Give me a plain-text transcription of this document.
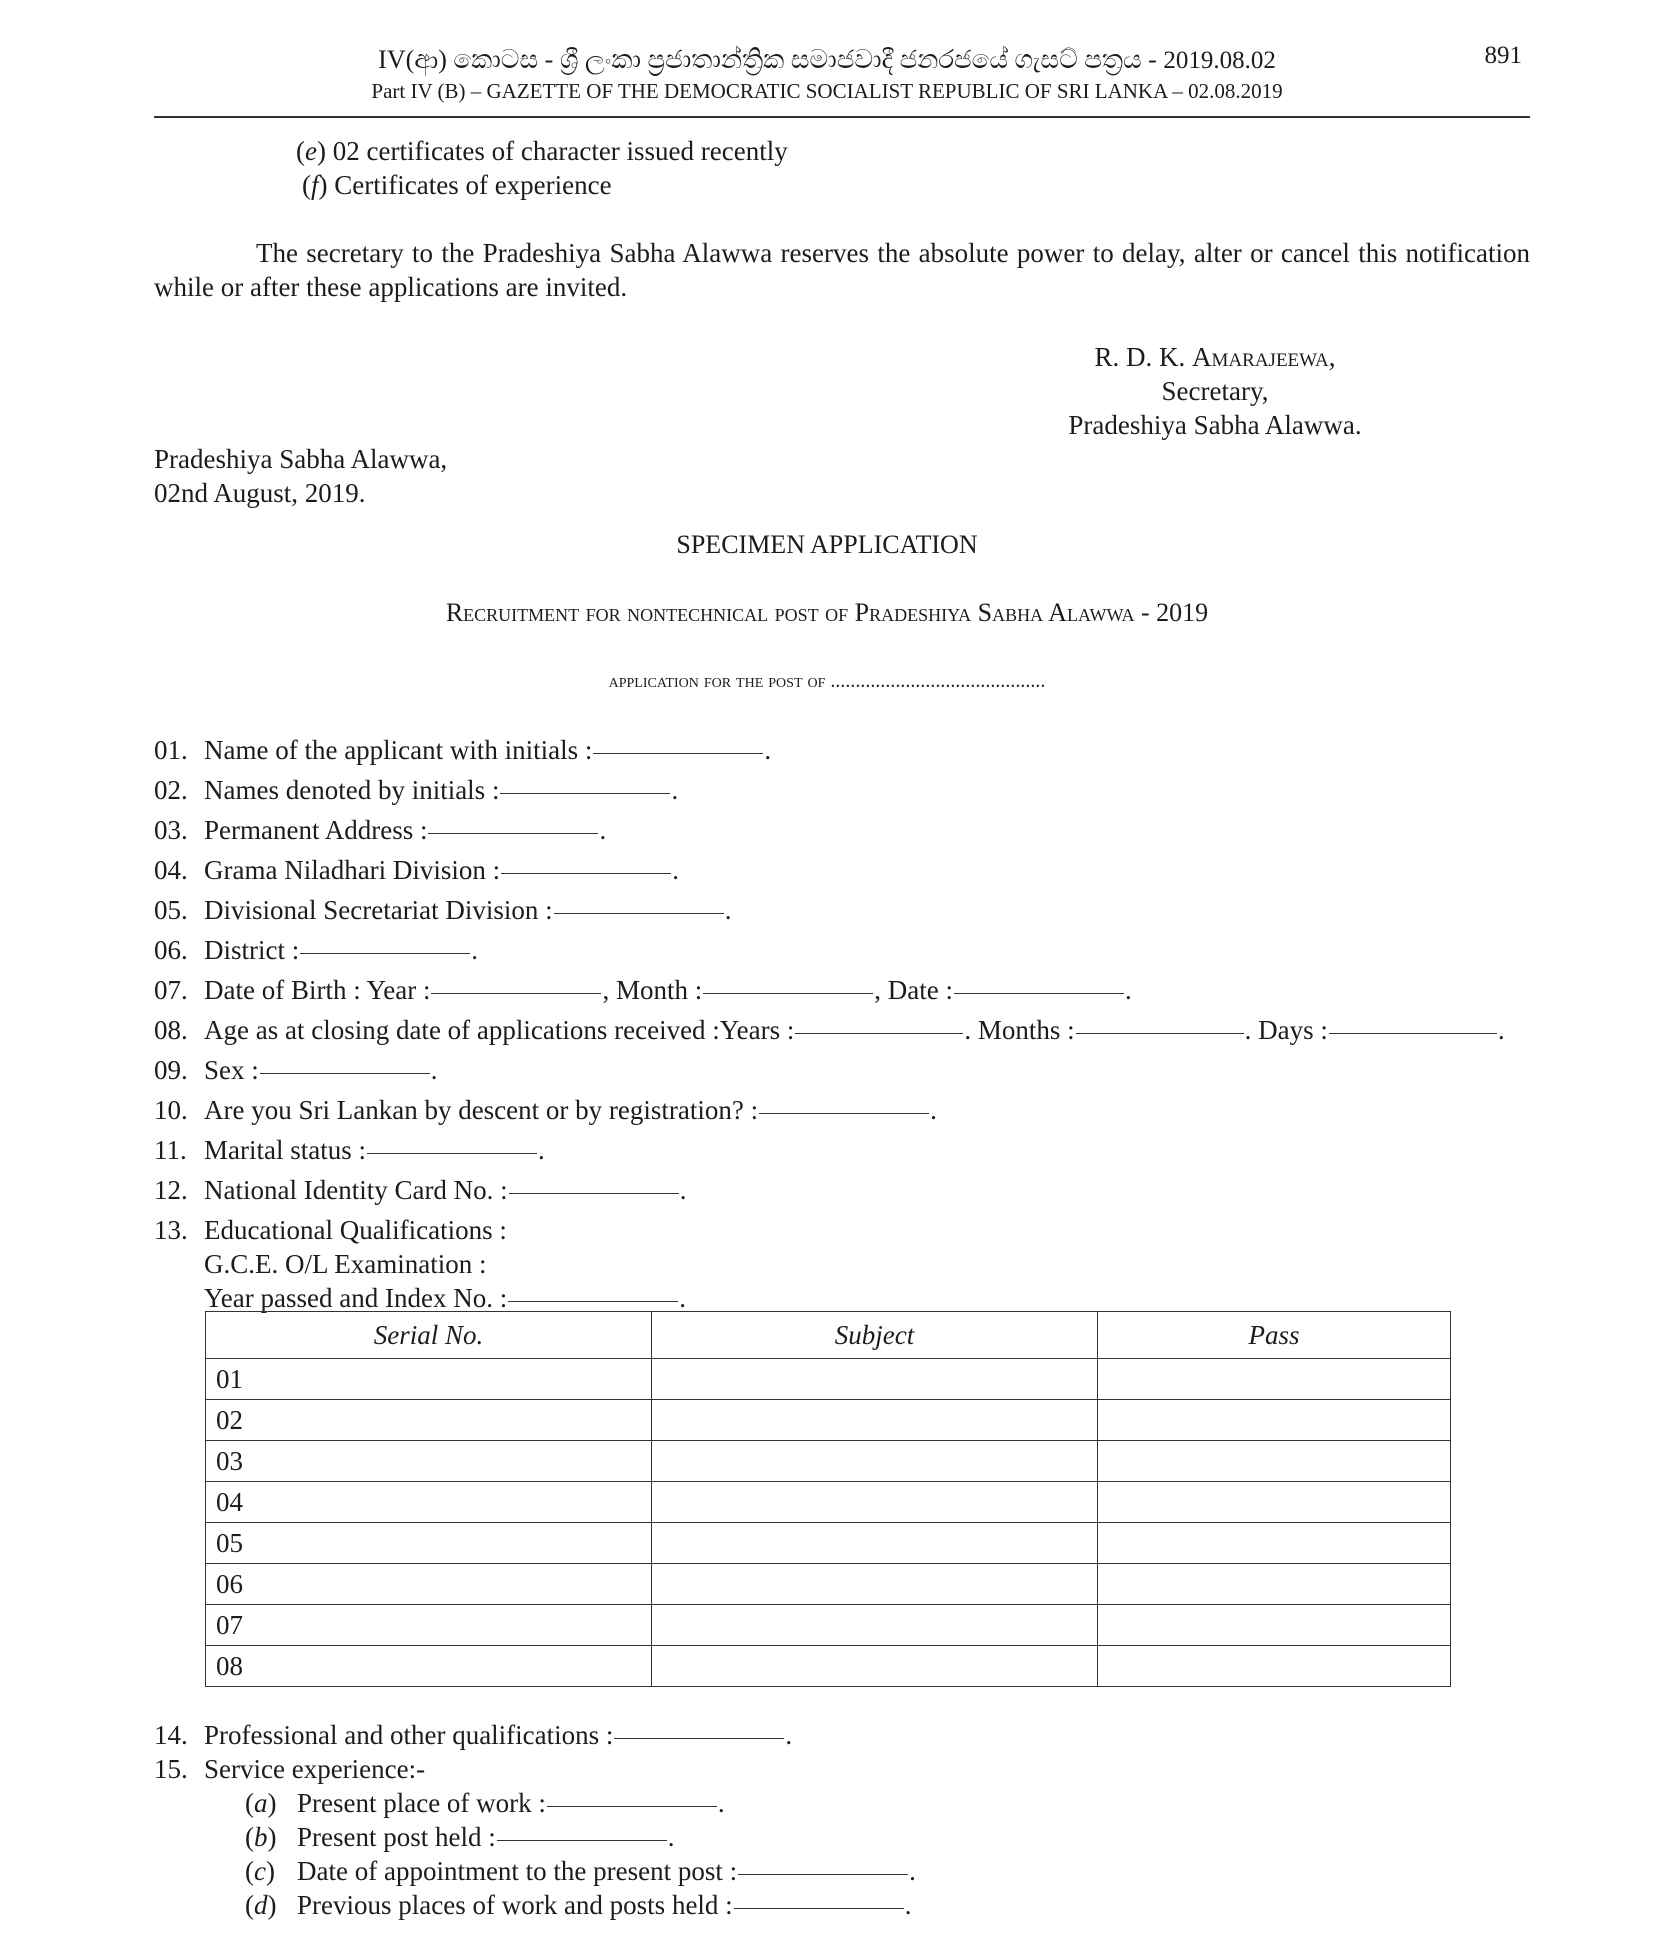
IV(ආ) කොටස - ශ්‍රී ලංකා ප්‍රජාතාන්ත්‍රික සමාජවාදී ජනරජයේ ගැසට් පත්‍රය - 2019.08.02
Part IV (B) – GAZETTE OF THE DEMOCRATIC SOCIALIST REPUBLIC OF SRI LANKA – 02.08.2019
891
(e) 02 certificates of character issued recently
(f) Certificates of experience
The secretary to the Pradeshiya Sabha Alawwa reserves the absolute power to delay, alter or cancel this notification while or after these applications are invited.
R. D. K. Amarajeewa,
Secretary,
Pradeshiya Sabha Alawwa.
Pradeshiya Sabha Alawwa,
02nd August, 2019.
SPECIMEN APPLICATION
Recruitment for nontechnical post of Pradeshiya Sabha Alawwa - 2019
application for the post of ...........................................
01. Name of the applicant with initials :	.
02. Names denoted by initials :	.
03. Permanent Address :	.
04. Grama Niladhari Division :	.
05. Divisional Secretariat Division :	.
06. District :	.
07. Date of Birth : Year :	, Month :	, Date :	.
08. Age as at closing date of applications received :Years :	. Months :	. Days :	.
09. Sex :	.
10. Are you Sri Lankan by descent or by registration? :	.
11. Marital status :	.
12. National Identity Card No. :	.
13. Educational Qualifications :
G.C.E. O/L Examination :
Year passed and Index No. :	.
Serial No.	Subject	Pass
01		
02		
03		
04		
05		
06		
07		
08		
14. Professional and other qualifications :	.
15. Service experience:-
(a) Present place of work :	.
(b) Present post held :	.
(c) Date of appointment to the present post :	.
(d) Previous places of work and posts held :	.
